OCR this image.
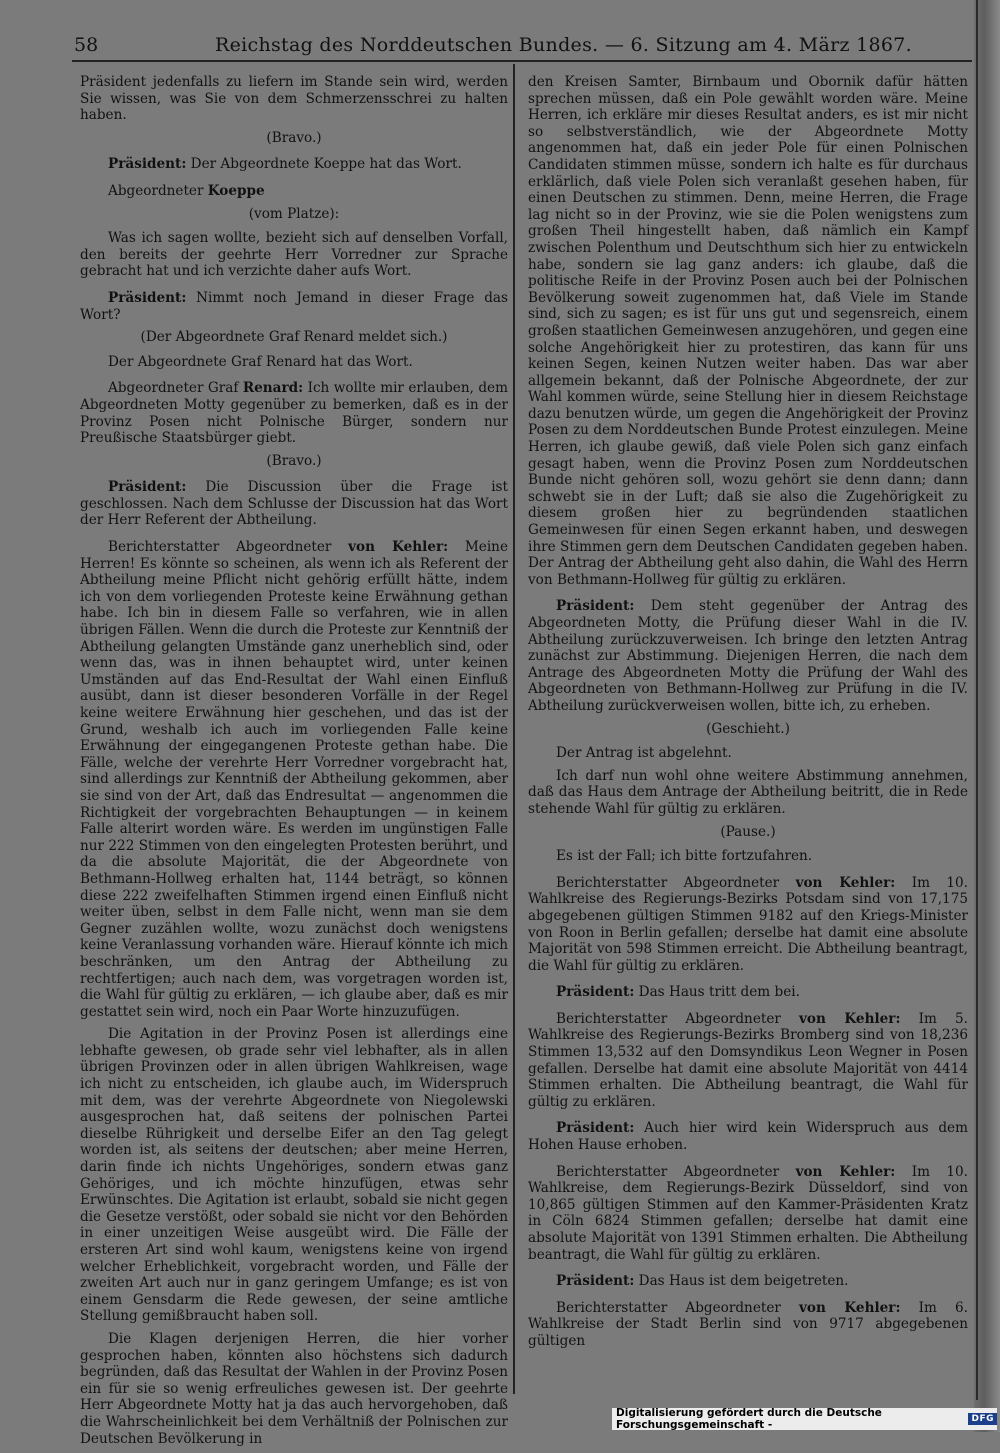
58	Reichstag des Norddeutschen Bundes. — 6. Sitzung am 4. März 1867.

Präsident jedenfalls zu liefern im Stande sein wird, werden Sie wissen, was Sie von dem Schmerzensschrei zu halten haben.

(Bravo.)

Präsident: Der Abgeordnete Koeppe hat das Wort.

Abgeordneter Koeppe

(vom Platze):

Was ich sagen wollte, bezieht sich auf denselben Vorfall, den bereits der geehrte Herr Vorredner zur Sprache gebracht hat und ich verzichte daher aufs Wort.

Präsident: Nimmt noch Jemand in dieser Frage das Wort?

(Der Abgeordnete Graf Renard meldet sich.)

Der Abgeordnete Graf Renard hat das Wort.

Abgeordneter Graf Renard: Ich wollte mir erlauben, dem Abgeordneten Motty gegenüber zu bemerken, daß es in der Provinz Posen nicht Polnische Bürger, sondern nur Preußische Staatsbürger giebt.

(Bravo.)

Präsident: Die Discussion über die Frage ist geschlossen. Nach dem Schlusse der Discussion hat das Wort der Herr Referent der Abtheilung.

Berichterstatter Abgeordneter von Kehler: Meine Herren! Es könnte so scheinen, als wenn ich als Referent der Abtheilung meine Pflicht nicht gehörig erfüllt hätte, indem ich von dem vorliegenden Proteste keine Erwähnung gethan habe. Ich bin in diesem Falle so verfahren, wie in allen übrigen Fällen. Wenn die durch die Proteste zur Kenntniß der Abtheilung gelangten Umstände ganz unerheblich sind, oder wenn das, was in ihnen behauptet wird, unter keinen Umständen auf das End-Resultat der Wahl einen Einfluß ausübt, dann ist dieser besonderen Vorfälle in der Regel keine weitere Erwähnung hier geschehen, und das ist der Grund, weshalb ich auch im vorliegenden Falle keine Erwähnung der eingegangenen Proteste gethan habe. Die Fälle, welche der verehrte Herr Vorredner vorgebracht hat, sind allerdings zur Kenntniß der Abtheilung gekommen, aber sie sind von der Art, daß das Endresultat — angenommen die Richtigkeit der vorgebrachten Behauptungen — in keinem Falle alterirt worden wäre. Es werden im ungünstigen Falle nur 222 Stimmen von den eingelegten Protesten berührt, und da die absolute Majorität, die der Abgeordnete von Bethmann-Hollweg erhalten hat, 1144 beträgt, so können diese 222 zweifelhaften Stimmen irgend einen Einfluß nicht weiter üben, selbst in dem Falle nicht, wenn man sie dem Gegner zuzählen wollte, wozu zunächst doch wenigstens keine Veranlassung vorhanden wäre. Hierauf könnte ich mich beschränken, um den Antrag der Abtheilung zu rechtfertigen; auch nach dem, was vorgetragen worden ist, die Wahl für gültig zu erklären, — ich glaube aber, daß es mir gestattet sein wird, noch ein Paar Worte hinzuzufügen.

Die Agitation in der Provinz Posen ist allerdings eine lebhafte gewesen, ob grade sehr viel lebhafter, als in allen übrigen Provinzen oder in allen übrigen Wahlkreisen, wage ich nicht zu entscheiden, ich glaube auch, im Widerspruch mit dem, was der verehrte Abgeordnete von Niegolewski ausgesprochen hat, daß seitens der polnischen Partei dieselbe Rührigkeit und derselbe Eifer an den Tag gelegt worden ist, als seitens der deutschen; aber meine Herren, darin finde ich nichts Ungehöriges, sondern etwas ganz Gehöriges, und ich möchte hinzufügen, etwas sehr Erwünschtes. Die Agitation ist erlaubt, sobald sie nicht gegen die Gesetze verstößt, oder sobald sie nicht vor den Behörden in einer unzeitigen Weise ausgeübt wird. Die Fälle der ersteren Art sind wohl kaum, wenigstens keine von irgend welcher Erheblichkeit, vorgebracht worden, und Fälle der zweiten Art auch nur in ganz geringem Umfange; es ist von einem Gensdarm die Rede gewesen, der seine amtliche Stellung gemißbraucht haben soll.

Die Klagen derjenigen Herren, die hier vorher gesprochen haben, könnten also höchstens sich dadurch begründen, daß das Resultat der Wahlen in der Provinz Posen ein für sie so wenig erfreuliches gewesen ist. Der geehrte Herr Abgeordnete Motty hat ja das auch hervorgehoben, daß die Wahrscheinlichkeit bei dem Verhältniß der Polnischen zur Deutschen Bevölkerung in

den Kreisen Samter, Birnbaum und Obornik dafür hätten sprechen müssen, daß ein Pole gewählt worden wäre. Meine Herren, ich erkläre mir dieses Resultat anders, es ist mir nicht so selbstverständlich, wie der Abgeordnete Motty angenommen hat, daß ein jeder Pole für einen Polnischen Candidaten stimmen müsse, sondern ich halte es für durchaus erklärlich, daß viele Polen sich veranlaßt gesehen haben, für einen Deutschen zu stimmen. Denn, meine Herren, die Frage lag nicht so in der Provinz, wie sie die Polen wenigstens zum großen Theil hingestellt haben, daß nämlich ein Kampf zwischen Polenthum und Deutschthum sich hier zu entwickeln habe, sondern sie lag ganz anders: ich glaube, daß die politische Reife in der Provinz Posen auch bei der Polnischen Bevölkerung soweit zugenommen hat, daß Viele im Stande sind, sich zu sagen; es ist für uns gut und segensreich, einem großen staatlichen Gemeinwesen anzugehören, und gegen eine solche Angehörigkeit hier zu protestiren, das kann für uns keinen Segen, keinen Nutzen weiter haben. Das war aber allgemein bekannt, daß der Polnische Abgeordnete, der zur Wahl kommen würde, seine Stellung hier in diesem Reichstage dazu benutzen würde, um gegen die Angehörigkeit der Provinz Posen zu dem Norddeutschen Bunde Protest einzulegen. Meine Herren, ich glaube gewiß, daß viele Polen sich ganz einfach gesagt haben, wenn die Provinz Posen zum Norddeutschen Bunde nicht gehören soll, wozu gehört sie denn dann; dann schwebt sie in der Luft; daß sie also die Zugehörigkeit zu diesem großen hier zu begründenden staatlichen Gemeinwesen für einen Segen erkannt haben, und deswegen ihre Stimmen gern dem Deutschen Candidaten gegeben haben. Der Antrag der Abtheilung geht also dahin, die Wahl des Herrn von Bethmann-Hollweg für gültig zu erklären.

Präsident: Dem steht gegenüber der Antrag des Abgeordneten Motty, die Prüfung dieser Wahl in die IV. Abtheilung zurückzuverweisen. Ich bringe den letzten Antrag zunächst zur Abstimmung. Diejenigen Herren, die nach dem Antrage des Abgeordneten Motty die Prüfung der Wahl des Abgeordneten von Bethmann-Hollweg zur Prüfung in die IV. Abtheilung zurückverweisen wollen, bitte ich, zu erheben.

(Geschieht.)

Der Antrag ist abgelehnt.

Ich darf nun wohl ohne weitere Abstimmung annehmen, daß das Haus dem Antrage der Abtheilung beitritt, die in Rede stehende Wahl für gültig zu erklären.

(Pause.)

Es ist der Fall; ich bitte fortzufahren.

Berichterstatter Abgeordneter von Kehler: Im 10. Wahlkreise des Regierungs-Bezirks Potsdam sind von 17,175 abgegebenen gültigen Stimmen 9182 auf den Kriegs-Minister von Roon in Berlin gefallen; derselbe hat damit eine absolute Majorität von 598 Stimmen erreicht. Die Abtheilung beantragt, die Wahl für gültig zu erklären.

Präsident: Das Haus tritt dem bei.

Berichterstatter Abgeordneter von Kehler: Im 5. Wahlkreise des Regierungs-Bezirks Bromberg sind von 18,236 Stimmen 13,532 auf den Domsyndikus Leon Wegner in Posen gefallen. Derselbe hat damit eine absolute Majorität von 4414 Stimmen erhalten. Die Abtheilung beantragt, die Wahl für gültig zu erklären.

Präsident: Auch hier wird kein Widerspruch aus dem Hohen Hause erhoben.

Berichterstatter Abgeordneter von Kehler: Im 10. Wahlkreise, dem Regierungs-Bezirk Düsseldorf, sind von 10,865 gültigen Stimmen auf den Kammer-Präsidenten Kratz in Cöln 6824 Stimmen gefallen; derselbe hat damit eine absolute Majorität von 1391 Stimmen erhalten. Die Abtheilung beantragt, die Wahl für gültig zu erklären.

Präsident: Das Haus ist dem beigetreten.

Berichterstatter Abgeordneter von Kehler: Im 6. Wahlkreise der Stadt Berlin sind von 9717 abgegebenen gültigen

Digitalisierung gefördert durch die Deutsche Forschungsgemeinschaft -	DFG
